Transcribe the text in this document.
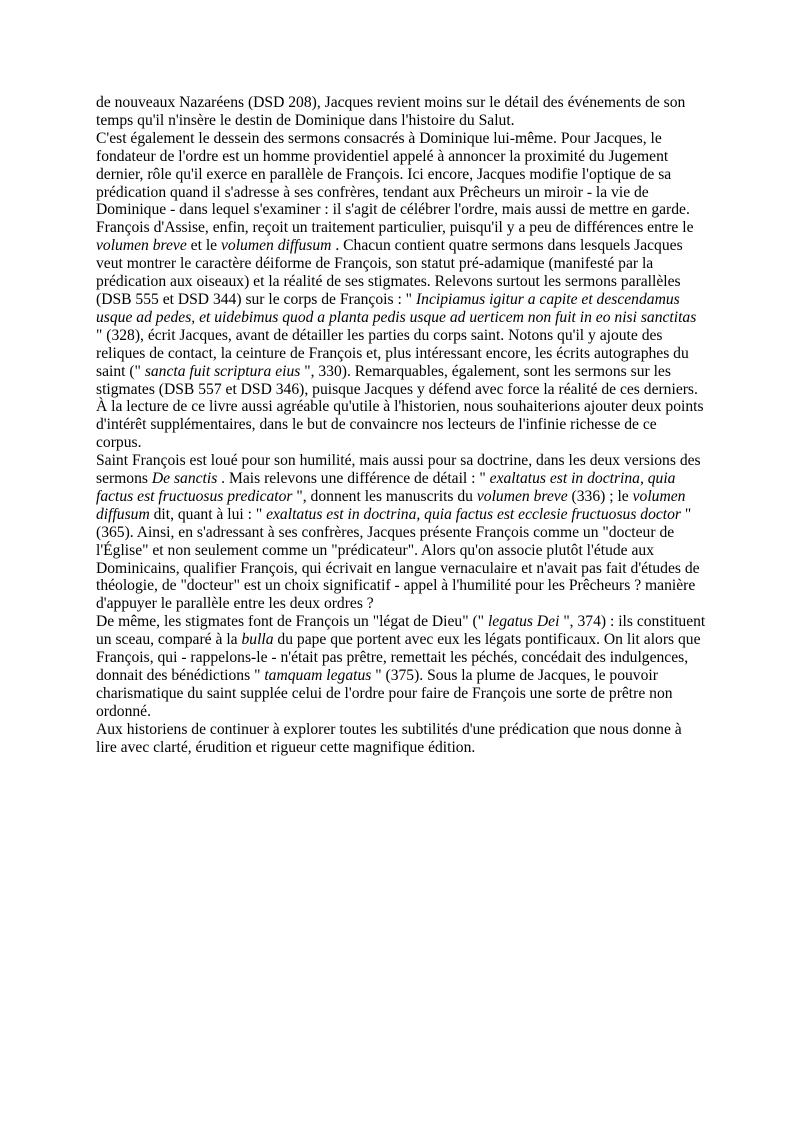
de nouveaux Nazaréens (DSD 208), Jacques revient moins sur le détail des événements de son temps qu'il n'insère le destin de Dominique dans l'histoire du Salut.

C'est également le dessein des sermons consacrés à Dominique lui-même. Pour Jacques, le fondateur de l'ordre est un homme providentiel appelé à annoncer la proximité du Jugement dernier, rôle qu'il exerce en parallèle de François. Ici encore, Jacques modifie l'optique de sa prédication quand il s'adresse à ses confrères, tendant aux Prêcheurs un miroir - la vie de Dominique - dans lequel s'examiner : il s'agit de célébrer l'ordre, mais aussi de mettre en garde.

François d'Assise, enfin, reçoit un traitement particulier, puisqu'il y a peu de différences entre le volumen breve et le volumen diffusum . Chacun contient quatre sermons dans lesquels Jacques veut montrer le caractère déiforme de François, son statut pré-adamique (manifesté par la prédication aux oiseaux) et la réalité de ses stigmates. Relevons surtout les sermons parallèles (DSB 555 et DSD 344) sur le corps de François : " Incipiamus igitur a capite et descendamus usque ad pedes, et uidebimus quod a planta pedis usque ad uerticem non fuit in eo nisi sanctitas " (328), écrit Jacques, avant de détailler les parties du corps saint. Notons qu'il y ajoute des reliques de contact, la ceinture de François et, plus intéressant encore, les écrits autographes du saint (" sancta fuit scriptura eius ", 330). Remarquables, également, sont les sermons sur les stigmates (DSB 557 et DSD 346), puisque Jacques y défend avec force la réalité de ces derniers.

À la lecture de ce livre aussi agréable qu'utile à l'historien, nous souhaiterions ajouter deux points d'intérêt supplémentaires, dans le but de convaincre nos lecteurs de l'infinie richesse de ce corpus.

Saint François est loué pour son humilité, mais aussi pour sa doctrine, dans les deux versions des sermons De sanctis . Mais relevons une différence de détail : " exaltatus est in doctrina, quia factus est fructuosus predicator ", donnent les manuscrits du volumen breve (336) ; le volumen diffusum dit, quant à lui : " exaltatus est in doctrina, quia factus est ecclesie fructuosus doctor " (365). Ainsi, en s'adressant à ses confrères, Jacques présente François comme un "docteur de l'Église" et non seulement comme un "prédicateur". Alors qu'on associe plutôt l'étude aux Dominicains, qualifier François, qui écrivait en langue vernaculaire et n'avait pas fait d'études de théologie, de "docteur" est un choix significatif - appel à l'humilité pour les Prêcheurs ? manière d'appuyer le parallèle entre les deux ordres ?

De même, les stigmates font de François un "légat de Dieu" (" legatus Dei ", 374) : ils constituent un sceau, comparé à la bulla du pape que portent avec eux les légats pontificaux. On lit alors que François, qui - rappelons-le - n'était pas prêtre, remettait les péchés, concédait des indulgences, donnait des bénédictions " tamquam legatus " (375). Sous la plume de Jacques, le pouvoir charismatique du saint supplée celui de l'ordre pour faire de François une sorte de prêtre non ordonné.

Aux historiens de continuer à explorer toutes les subtilités d'une prédication que nous donne à lire avec clarté, érudition et rigueur cette magnifique édition.
